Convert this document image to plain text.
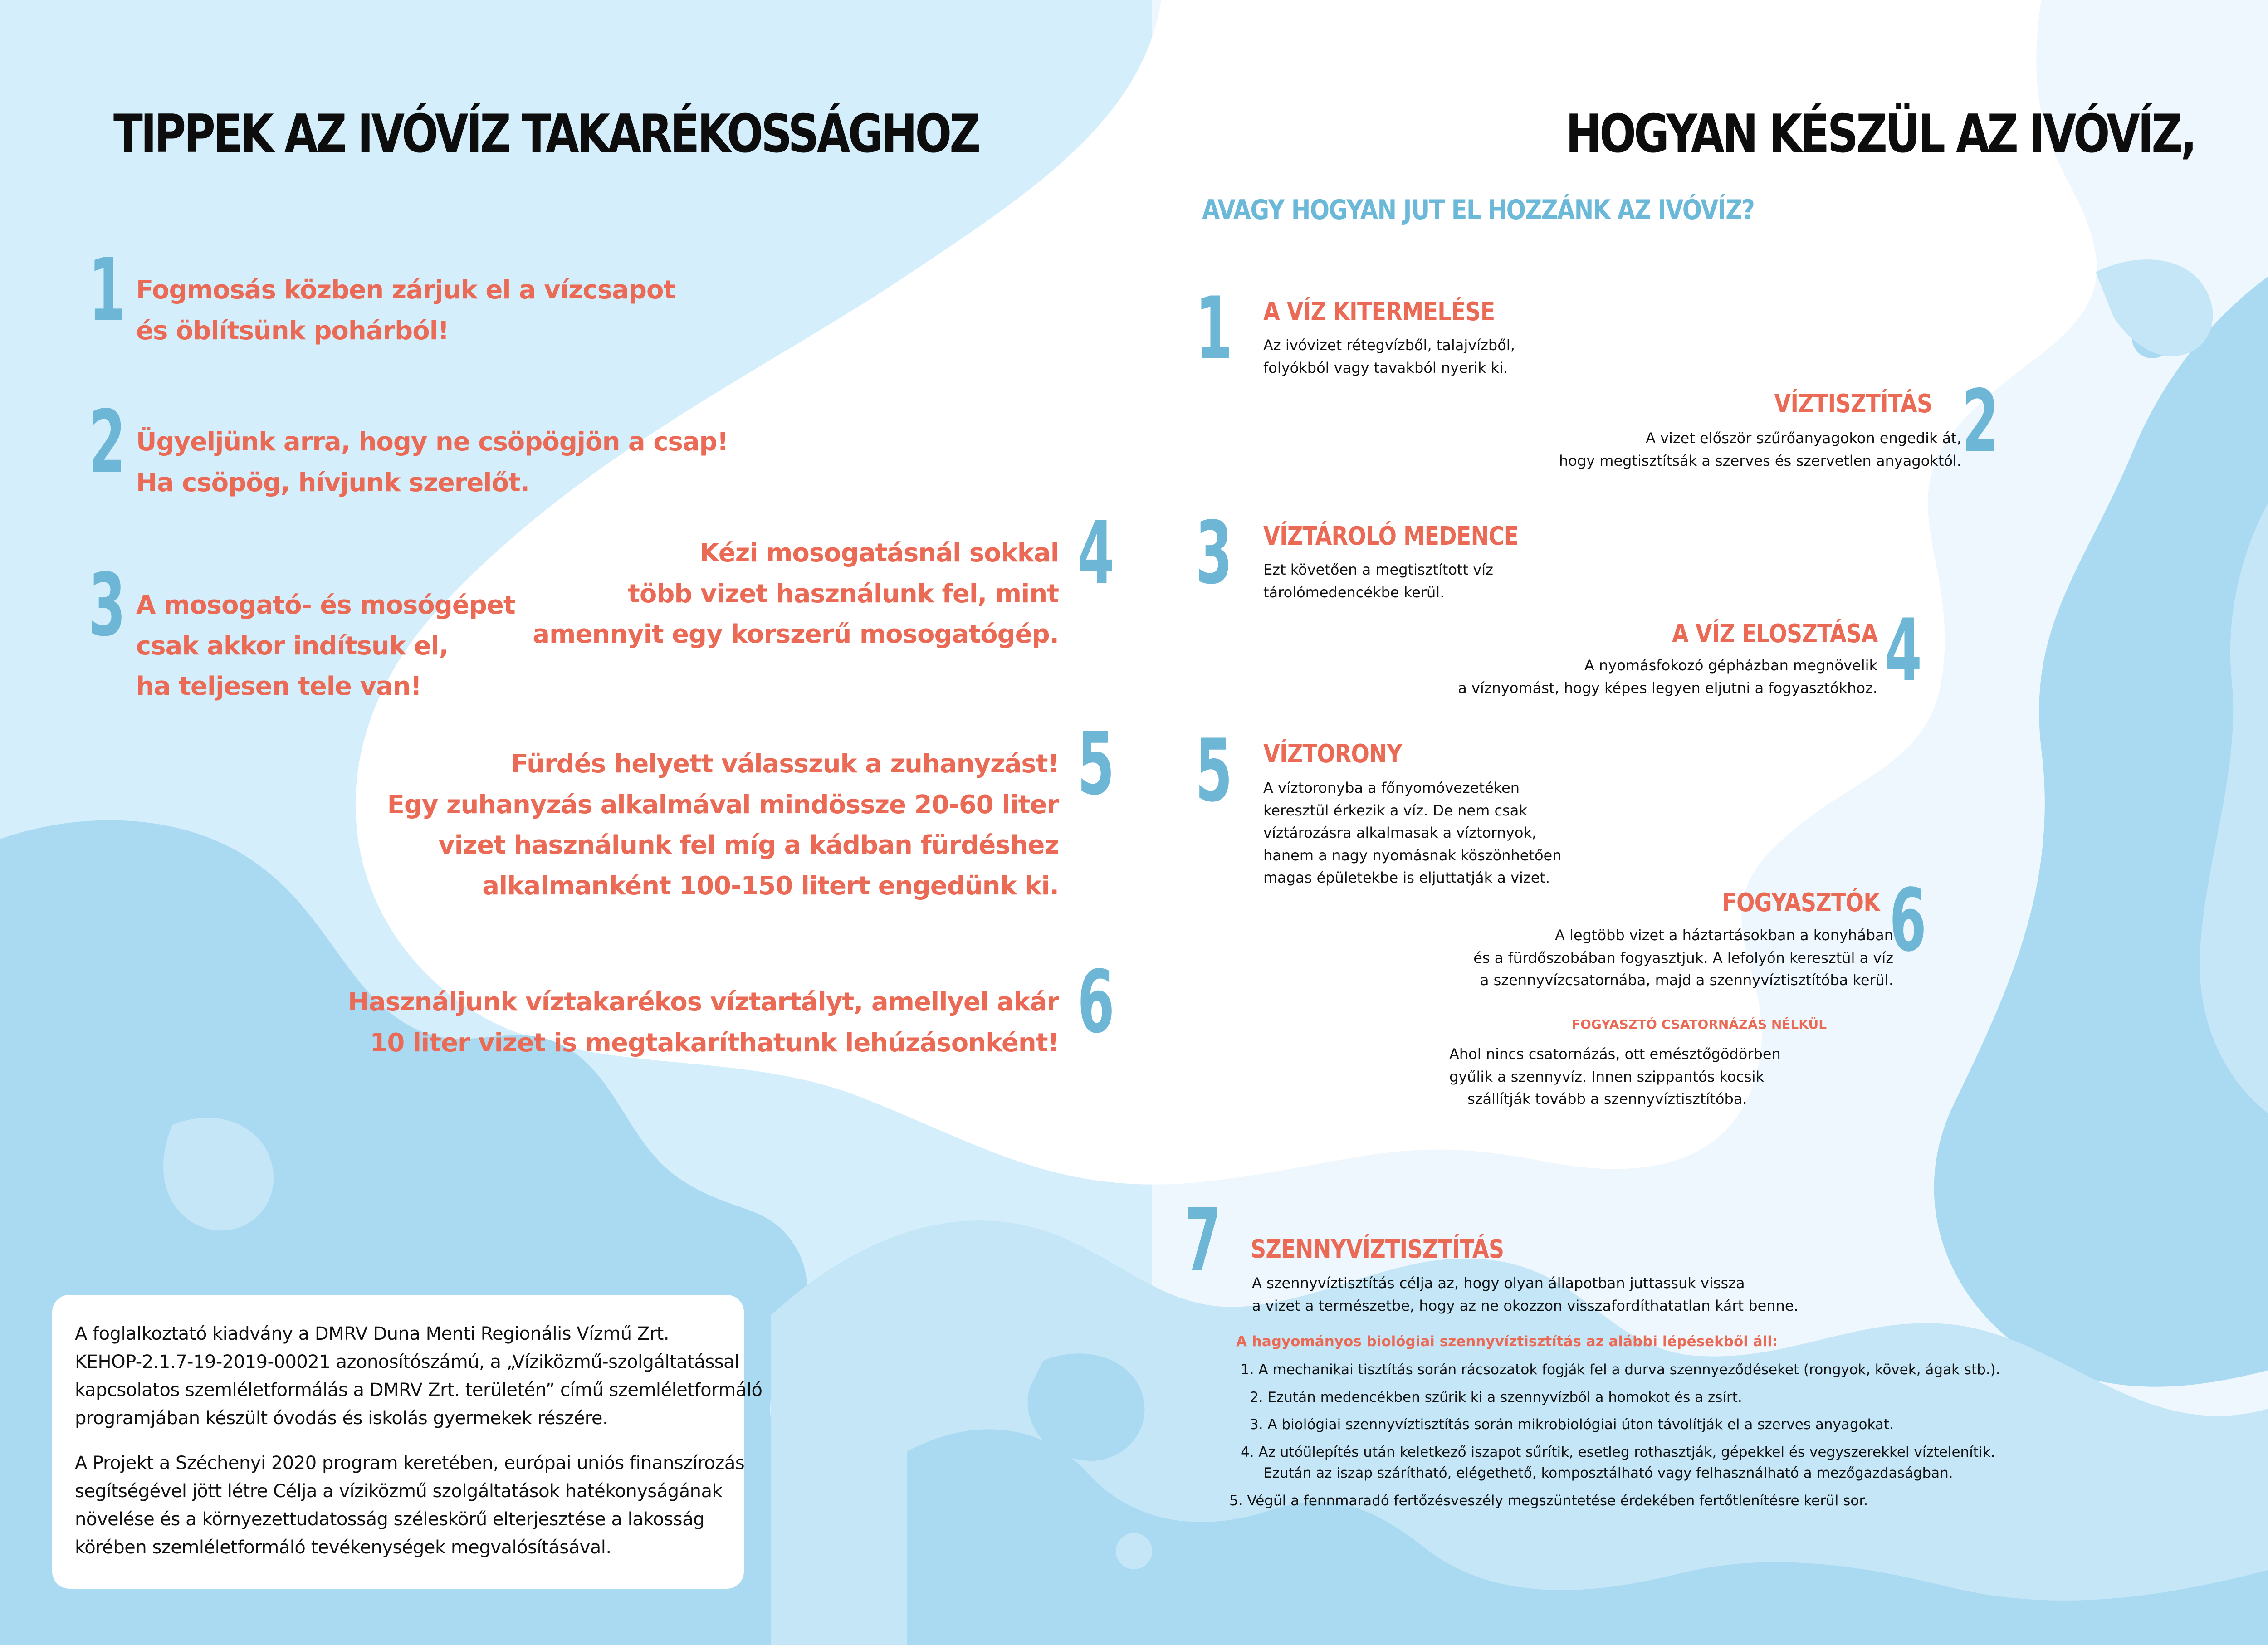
TIPPEK AZ IVÓVÍZ TAKARÉKOSSÁGHOZ
1 Fogmosás közben zárjuk el a vízcsapot
és öblítsünk pohárból!
2 Ügyeljünk arra, hogy ne csöpögjön a csap!
Ha csöpög, hívjunk szerelőt.
3 A mosogató- és mosógépet
csak akkor indítsuk el,
ha teljesen tele van!
4
Kézi mosogatásnál sokkal
több vizet használunk fel, mint
amennyit egy korszerű mosogatógép.
5
Fürdés helyett válasszuk a zuhanyzást!
Egy zuhanyzás alkalmával mindössze 20-60 liter
vizet használunk fel míg a kádban fürdéshez
alkalmanként 100-150 litert engedünk ki.
6
Használjunk víztakarékos víztartályt, amellyel akár
10 liter vizet is megtakaríthatunk lehúzásonként!
A foglalkoztató kiadvány a DMRV Duna Menti Regionális Vízmű Zrt.
KEHOP-2.1.7-19-2019-00021 azonosítószámú, a „Víziközmű-szolgáltatással
kapcsolatos szemléletformálás a DMRV Zrt. területén” című szemléletformáló
programjában készült óvodás és iskolás gyermekek részére.
A Projekt a Széchenyi 2020 program keretében, európai uniós finanszírozás
segítségével jött létre Célja a víziközmű szolgáltatások hatékonyságának
növelése és a környezettudatosság széleskörű elterjesztése a lakosság
körében szemléletformáló tevékenységek megvalósításával.
HOGYAN KÉSZÜL AZ IVÓVÍZ,
AVAGY HOGYAN JUT EL HOZZÁNK AZ IVÓVÍZ?
1 A VÍZ KITERMELÉSE
Az ivóvizet rétegvízből, talajvízből,
folyókból vagy tavakból nyerik ki.
2
VÍZTISZTÍTÁS
A vizet először szűrőanyagokon engedik át,
hogy megtisztítsák a szerves és szervetlen anyagoktól.
3 VÍZTÁROLÓ MEDENCE
Ezt követően a megtisztított víz
tárolómedencékbe kerül.
4
A VÍZ ELOSZTÁSA
A nyomásfokozó gépházban megnövelik
a víznyomást, hogy képes legyen eljutni a fogyasztókhoz.
5 VÍZTORONY
A víztoronyba a főnyomóvezetéken
keresztül érkezik a víz. De nem csak
víztározásra alkalmasak a víztornyok,
hanem a nagy nyomásnak köszönhetően
magas épületekbe is eljuttatják a vizet.	6
FOGYASZTÓK
A legtöbb vizet a háztartásokban a konyhában
és a fürdőszobában fogyasztjuk. A lefolyón keresztül a víz
a szennyvízcsatornába, majd a szennyvíztisztítóba kerül.
FOGYASZTÓ CSATORNÁZÁS NÉLKÜL
Ahol nincs csatornázás, ott emésztőgödörben
gyűlik a szennyvíz. Innen szippantós kocsik
szállítják tovább a szennyvíztisztítóba.
7 SZENNYVÍZTISZTÍTÁS
A szennyvíztisztítás célja az, hogy olyan állapotban juttassuk vissza
a vizet a természetbe, hogy az ne okozzon visszafordíthatatlan kárt benne.
A hagyományos biológiai szennyvíztisztítás az alábbi lépésekből áll:
1. A mechanikai tisztítás során rácsozatok fogják fel a durva szennyeződéseket (rongyok, kövek, ágak stb.).
2. Ezután medencékben szűrik ki a szennyvízből a homokot és a zsírt.
3. A biológiai szennyvíztisztítás során mikrobiológiai úton távolítják el a szerves anyagokat.
4. Az utóülepítés után keletkező iszapot sűrítik, esetleg rothasztják, gépekkel és vegyszerekkel víztelenítik.
Ezután az iszap szárítható, elégethető, komposztálható vagy felhasználható a mezőgazdaságban.
5. Végül a fennmaradó fertőzésveszély megszüntetése érdekében fertőtlenítésre kerül sor.
